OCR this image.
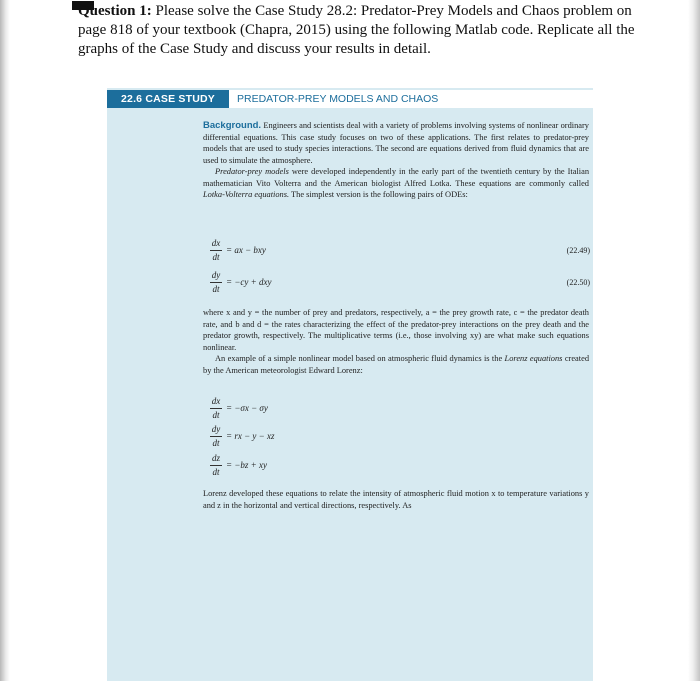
Question 1: Please solve the Case Study 28.2: Predator-Prey Models and Chaos problem on page 818 of your textbook (Chapra, 2015) using the following Matlab code. Replicate all the graphs of the Case Study and discuss your results in detail.
22.6 CASE STUDY	PREDATOR-PREY MODELS AND CHAOS

Background. Engineers and scientists deal with a variety of problems involving systems of nonlinear ordinary differential equations. This case study focuses on two of these applications. The first relates to predator-prey models that are used to study species interactions. The second are equations derived from fluid dynamics that are used to simulate the atmosphere.

Predator-prey models were developed independently in the early part of the twentieth century by the Italian mathematician Vito Volterra and the American biologist Alfred Lotka. These equations are commonly called Lotka-Volterra equations. The simplest version is the following pairs of ODEs:

dx
dt
= ax − bxy	(22.49)
dy
dt
= −cy + dxy	(22.50)

where x and y = the number of prey and predators, respectively, a = the prey growth rate, c = the predator death rate, and b and d = the rates characterizing the effect of the predator-prey interactions on the prey death and the predator growth, respectively. The multiplicative terms (i.e., those involving xy) are what make such equations nonlinear.

An example of a simple nonlinear model based on atmospheric fluid dynamics is the Lorenz equations created by the American meteorologist Edward Lorenz:

dx
dt
= −σx − σy
dy
dt
= rx − y − xz
dz
dt
= −bz + xy

Lorenz developed these equations to relate the intensity of atmospheric fluid motion x to temperature variations y and z in the horizontal and vertical directions, respectively. As
